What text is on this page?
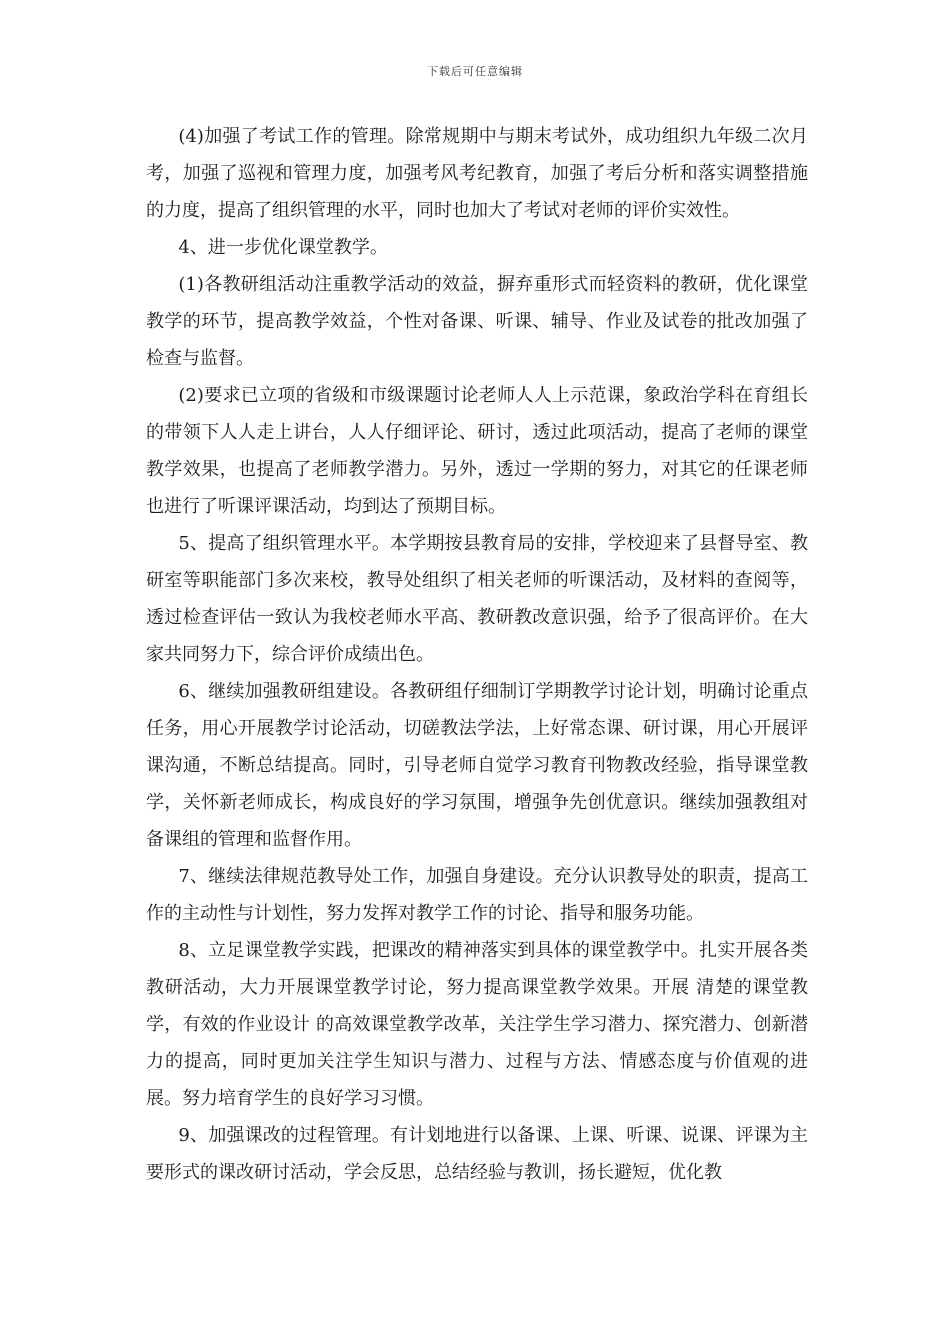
下载后可任意编辑

(4)加强了考试工作的管理。除常规期中与期末考试外，成功组织九年级二次月考，加强了巡视和管理力度，加强考风考纪教育，加强了考后分析和落实调整措施的力度，提高了组织管理的水平，同时也加大了考试对老师的评价实效性。

4、进一步优化课堂教学。

(1)各教研组活动注重教学活动的效益，摒弃重形式而轻资料的教研，优化课堂教学的环节，提高教学效益，个性对备课、听课、辅导、作业及试卷的批改加强了检查与监督。

(2)要求已立项的省级和市级课题讨论老师人人上示范课，象政治学科在育组长的带领下人人走上讲台，人人仔细评论、研讨，透过此项活动，提高了老师的课堂教学效果，也提高了老师教学潜力。另外，透过一学期的努力，对其它的任课老师也进行了听课评课活动，均到达了预期目标。

5、提高了组织管理水平。本学期按县教育局的安排，学校迎来了县督导室、教研室等职能部门多次来校，教导处组织了相关老师的听课活动，及材料的查阅等，透过检查评估一致认为我校老师水平高、教研教改意识强，给予了很高评价。在大家共同努力下，综合评价成绩出色。

6、继续加强教研组建设。各教研组仔细制订学期教学讨论计划，明确讨论重点任务，用心开展教学讨论活动，切磋教法学法，上好常态课、研讨课，用心开展评课沟通，不断总结提高。同时，引导老师自觉学习教育刊物教改经验，指导课堂教学，关怀新老师成长，构成良好的学习氛围，增强争先创优意识。继续加强教组对备课组的管理和监督作用。

7、继续法律规范教导处工作，加强自身建设。充分认识教导处的职责，提高工作的主动性与计划性，努力发挥对教学工作的讨论、指导和服务功能。

8、立足课堂教学实践，把课改的精神落实到具体的课堂教学中。扎实开展各类教研活动，大力开展课堂教学讨论，努力提高课堂教学效果。开展 清楚的课堂教学，有效的作业设计 的高效课堂教学改革，关注学生学习潜力、探究潜力、创新潜力的提高，同时更加关注学生知识与潜力、过程与方法、情感态度与价值观的进展。努力培育学生的良好学习习惯。

9、加强课改的过程管理。有计划地进行以备课、上课、听课、说课、评课为主要形式的课改研讨活动，学会反思，总结经验与教训，扬长避短，优化教
